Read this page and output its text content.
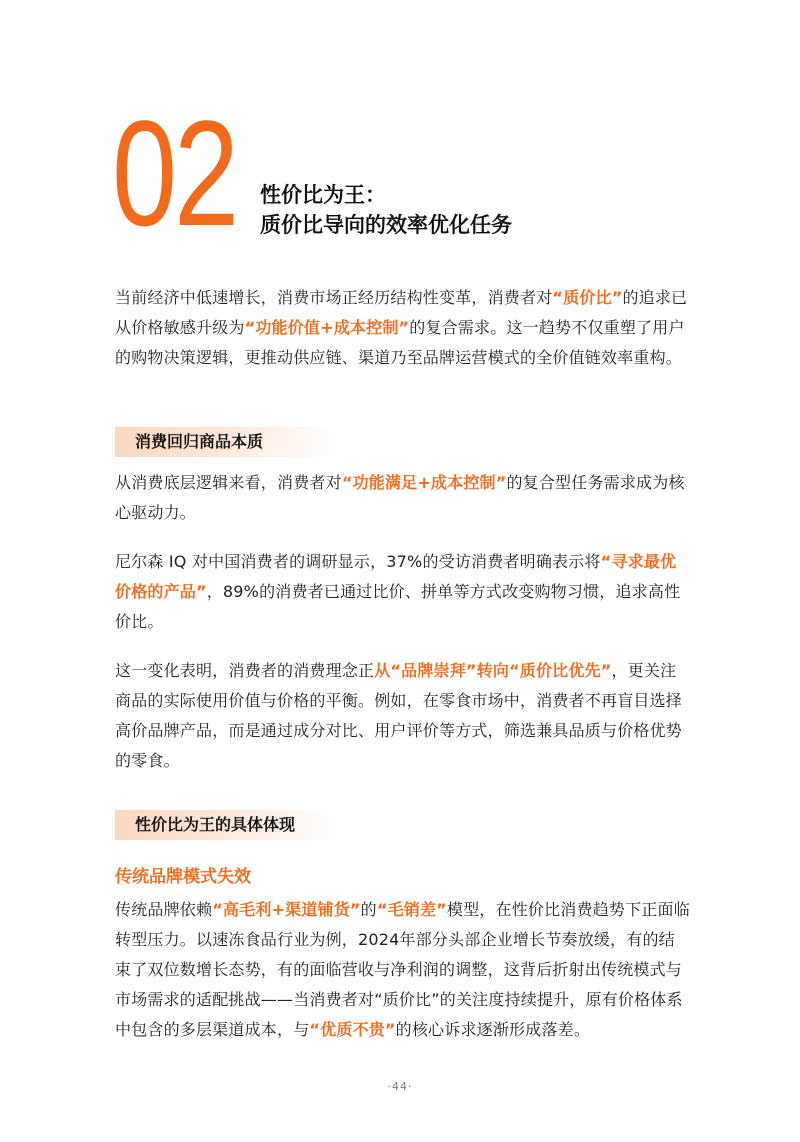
02 性价比为王：
质价比导向的效率优化任务

当前经济中低速增长，消费市场正经历结构性变革，消费者对“质价比”的追求已从价格敏感升级为“功能价值+成本控制”的复合需求。这一趋势不仅重塑了用户的购物决策逻辑，更推动供应链、渠道乃至品牌运营模式的全价值链效率重构。

消费回归商品本质

从消费底层逻辑来看，消费者对“功能满足+成本控制”的复合型任务需求成为核心驱动力。

尼尔森 IQ 对中国消费者的调研显示，37%的受访消费者明确表示将“寻求最优价格的产品”，89%的消费者已通过比价、拼单等方式改变购物习惯，追求高性价比。

这一变化表明，消费者的消费理念正从“品牌崇拜”转向“质价比优先”，更关注商品的实际使用价值与价格的平衡。例如，在零食市场中，消费者不再盲目选择高价品牌产品，而是通过成分对比、用户评价等方式，筛选兼具品质与价格优势的零食。

性价比为王的具体体现
传统品牌模式失效

传统品牌依赖“高毛利+渠道铺货”的“毛销差”模型，在性价比消费趋势下正面临转型压力。以速冻食品行业为例，2024年部分头部企业增长节奏放缓，有的结束了双位数增长态势，有的面临营收与净利润的调整，这背后折射出传统模式与市场需求的适配挑战——当消费者对“质价比”的关注度持续提升，原有价格体系中包含的多层渠道成本，与“优质不贵”的核心诉求逐渐形成落差。

·44·
